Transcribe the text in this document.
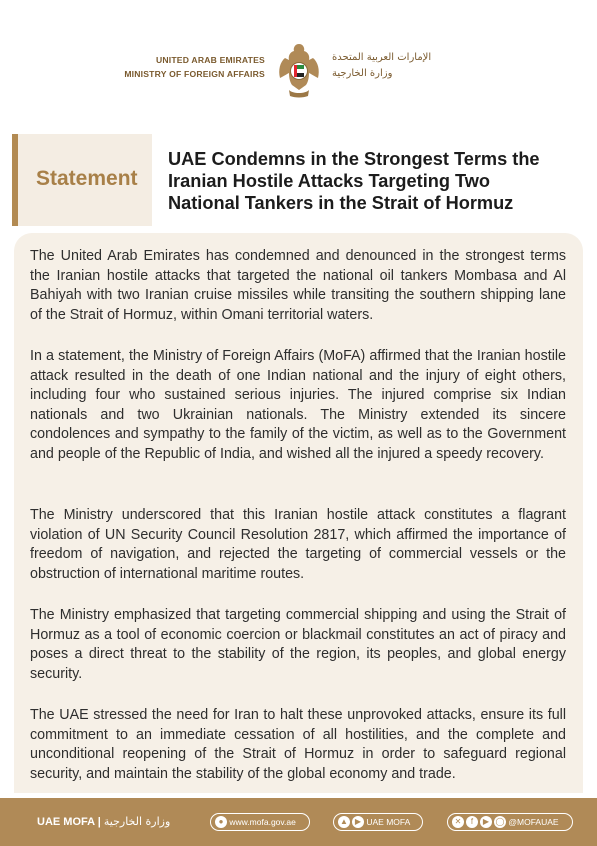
UNITED ARAB EMIRATES
MINISTRY OF FOREIGN AFFAIRS
الإمارات العربية المتحدة
وزارة الخارجية
Statement
UAE Condemns in the Strongest Terms the Iranian Hostile Attacks Targeting Two National Tankers in the Strait of Hormuz

The United Arab Emirates has condemned and denounced in the strongest terms the Iranian hostile attacks that targeted the national oil tankers Mombasa and Al Bahiyah with two Iranian cruise missiles while transiting the southern shipping lane of the Strait of Hormuz, within Omani territorial waters.

In a statement, the Ministry of Foreign Affairs (MoFA) affirmed that the Iranian hostile attack resulted in the death of one Indian national and the injury of eight others, including four who sustained serious injuries. The injured comprise six Indian nationals and two Ukrainian nationals. The Ministry extended its sincere condolences and sympathy to the family of the victim, as well as to the Government and people of the Republic of India, and wished all the injured a speedy recovery.

The Ministry underscored that this Iranian hostile attack constitutes a flagrant violation of UN Security Council Resolution 2817, which affirmed the importance of freedom of navigation, and rejected the targeting of commercial vessels or the obstruction of international maritime routes.

The Ministry emphasized that targeting commercial shipping and using the Strait of Hormuz as a tool of economic coercion or blackmail constitutes an act of piracy and poses a direct threat to the stability of the region, its peoples, and global energy security.

The UAE stressed the need for Iran to halt these unprovoked attacks, ensure its full commitment to an immediate cessation of all hostilities, and the complete and unconditional reopening of the Strait of Hormuz in order to safeguard regional security, and maintain the stability of the global economy and trade.

UAE MOFA | وزارة الخارجية	● www.mofa.gov.ae	▲ ▶ UAE MOFA	✕ f ▶ ◯ @MOFAUAE
